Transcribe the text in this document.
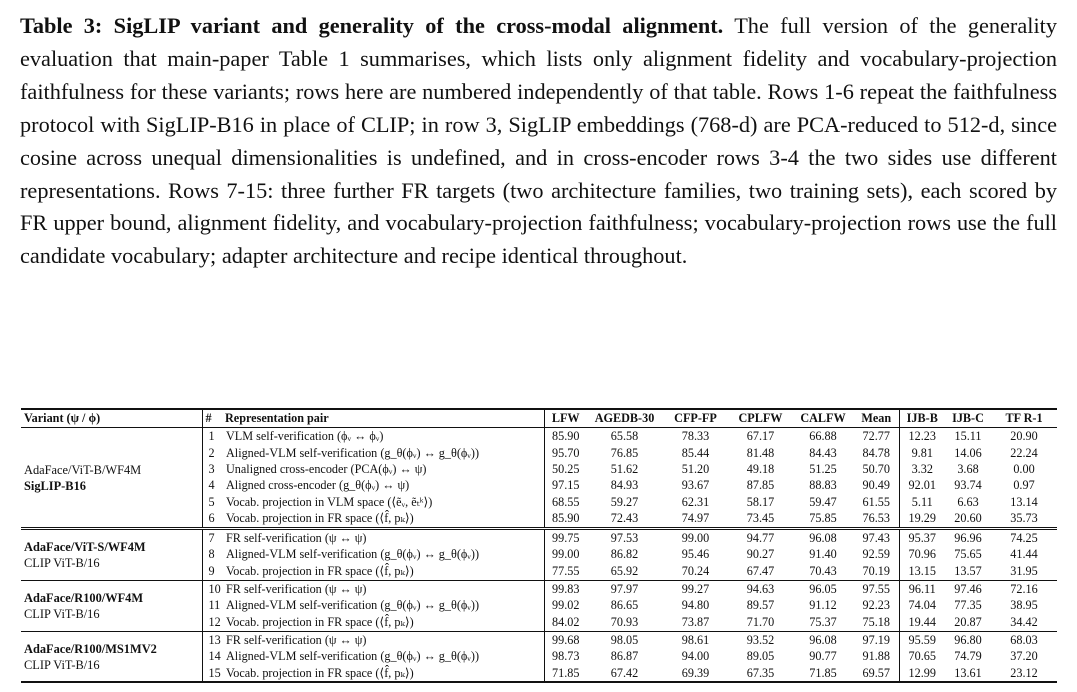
Table 3: SigLIP variant and generality of the cross-modal alignment. The full version of the generality evaluation that main-paper Table 1 summarises, which lists only alignment fidelity and vocabulary-projection faithfulness for these variants; rows here are numbered independently of that table. Rows 1-6 repeat the faithfulness protocol with SigLIP-B16 in place of CLIP; in row 3, SigLIP embeddings (768-d) are PCA-reduced to 512-d, since cosine across unequal dimensionalities is undefined, and in cross-encoder rows 3-4 the two sides use different representations. Rows 7-15: three further FR targets (two architecture families, two training sets), each scored by FR upper bound, alignment fidelity, and vocabulary-projection faithfulness; vocabulary-projection rows use the full candidate vocabulary; adapter architecture and recipe identical throughout.
Variant (ψ / ϕ)	#	Representation pair	LFW	AGEDB-30	CFP-FP	CPLFW	CALFW	Mean	IJB-B	IJB-C	TF R-1

AdaFace/ViT-B/WF4M
SigLIP-B16	1	VLM self-verification (ϕᵥ ↔ ϕᵥ)	85.90	65.58	78.33	67.17	66.88	72.77	12.23	15.11	20.90
	2	Aligned-VLM self-verification (g_θ(ϕᵥ) ↔ g_θ(ϕᵥ))	95.70	76.85	85.44	81.48	84.43	84.78	9.81	14.06	22.24
	3	Unaligned cross-encoder (PCA(ϕᵥ) ↔ ψ)	50.25	51.62	51.20	49.18	51.25	50.70	3.32	3.68	0.00
	4	Aligned cross-encoder (g_θ(ϕᵥ) ↔ ψ)	97.15	84.93	93.67	87.85	88.83	90.49	92.01	93.74	0.97
	5	Vocab. projection in VLM space (⟨ẽᵥ, ẽₜᵏ⟩)	68.55	59.27	62.31	58.17	59.47	61.55	5.11	6.63	13.14
	6	Vocab. projection in FR space (⟨f̂, pₖ⟩)	85.90	72.43	74.97	73.45	75.85	76.53	19.29	20.60	35.73

AdaFace/ViT-S/WF4M
CLIP ViT-B/16	7	FR self-verification (ψ ↔ ψ)	99.75	97.53	99.00	94.77	96.08	97.43	95.37	96.96	74.25
	8	Aligned-VLM self-verification (g_θ(ϕᵥ) ↔ g_θ(ϕᵥ))	99.00	86.82	95.46	90.27	91.40	92.59	70.96	75.65	41.44
	9	Vocab. projection in FR space (⟨f̂, pₖ⟩)	77.55	65.92	70.24	67.47	70.43	70.19	13.15	13.57	31.95

AdaFace/R100/WF4M
CLIP ViT-B/16	10	FR self-verification (ψ ↔ ψ)	99.83	97.97	99.27	94.63	96.05	97.55	96.11	97.46	72.16
	11	Aligned-VLM self-verification (g_θ(ϕᵥ) ↔ g_θ(ϕᵥ))	99.02	86.65	94.80	89.57	91.12	92.23	74.04	77.35	38.95
	12	Vocab. projection in FR space (⟨f̂, pₖ⟩)	84.02	70.93	73.87	71.70	75.37	75.18	19.44	20.87	34.42

AdaFace/R100/MS1MV2
CLIP ViT-B/16	13	FR self-verification (ψ ↔ ψ)	99.68	98.05	98.61	93.52	96.08	97.19	95.59	96.80	68.03
	14	Aligned-VLM self-verification (g_θ(ϕᵥ) ↔ g_θ(ϕᵥ))	98.73	86.87	94.00	89.05	90.77	91.88	70.65	74.79	37.20
	15	Vocab. projection in FR space (⟨f̂, pₖ⟩)	71.85	67.42	69.39	67.35	71.85	69.57	12.99	13.61	23.12
